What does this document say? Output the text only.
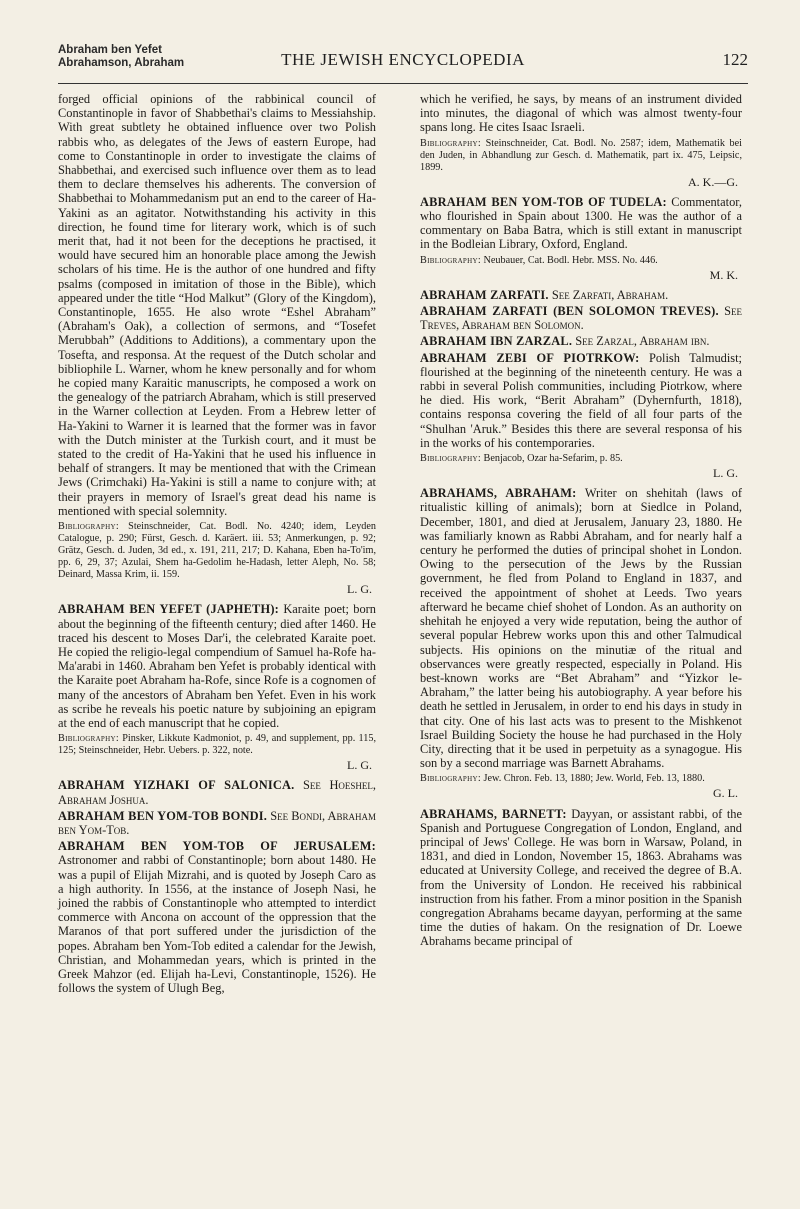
Abraham ben Yefet
Abrahamson, Abraham	THE JEWISH ENCYCLOPEDIA	122

forged official opinions of the rabbinical council of Constantinople in favor of Shabbethai's claims to Messiahship. With great subtlety he obtained influence over two Polish rabbis who, as delegates of the Jews of eastern Europe, had come to Constantinople in order to investigate the claims of Shabbethai, and exercised such influence over them as to lead them to declare themselves his adherents. The conversion of Shabbethai to Mohammedanism put an end to the career of Ha-Yakini as an agitator. Notwithstanding his activity in this direction, he found time for literary work, which is of such merit that, had it not been for the deceptions he practised, it would have secured him an honorable place among the Jewish scholars of his time. He is the author of one hundred and fifty psalms (composed in imitation of those in the Bible), which appeared under the title “Hod Malkut” (Glory of the Kingdom), Constantinople, 1655. He also wrote “Eshel Abraham” (Abraham's Oak), a collection of sermons, and “Tosefet Merubbah” (Additions to Additions), a commentary upon the Tosefta, and responsa. At the request of the Dutch scholar and bibliophile L. Warner, whom he knew personally and for whom he copied many Karaitic manuscripts, he composed a work on the genealogy of the patriarch Abraham, which is still preserved in the Warner collection at Leyden. From a Hebrew letter of Ha-Yakini to Warner it is learned that the former was in favor with the Dutch minister at the Turkish court, and it must be stated to the credit of Ha-Yakini that he used his influence in behalf of strangers. It may be mentioned that with the Crimean Jews (Crimchaki) Ha-Yakini is still a name to conjure with; at their prayers in memory of Israel's great dead his name is mentioned with special solemnity.

Bibliography: Steinschneider, Cat. Bodl. No. 4240; idem, Leyden Catalogue, p. 290; Fürst, Gesch. d. Karäert. iii. 53; Anmerkungen, p. 92; Grätz, Gesch. d. Juden, 3d ed., x. 191, 211, 217; D. Kahana, Eben ha-To'im, pp. 6, 29, 37; Azulai, Shem ha-Gedolim he-Hadash, letter Aleph, No. 58; Deinard, Massa Krim, ii. 159.
L. G.

ABRAHAM BEN YEFET (JAPHETH): Karaite poet; born about the beginning of the fifteenth century; died after 1460. He traced his descent to Moses Dar'i, the celebrated Karaite poet. He copied the religio-legal compendium of Samuel ha-Rofe ha-Ma'arabi in 1460. Abraham ben Yefet is probably identical with the Karaite poet Abraham ha-Rofe, since Rofe is a cognomen of many of the ancestors of Abraham ben Yefet. Even in his work as scribe he reveals his poetic nature by subjoining an epigram at the end of each manuscript that he copied.

Bibliography: Pinsker, Likkute Kadmoniot, p. 49, and supplement, pp. 115, 125; Steinschneider, Hebr. Uebers. p. 322, note.
L. G.

ABRAHAM YIZHAKI OF SALONICA. See Hoeshel, Abraham Joshua.

ABRAHAM BEN YOM-TOB BONDI. See Bondi, Abraham ben Yom-Tob.

ABRAHAM BEN YOM-TOB OF JERUSALEM: Astronomer and rabbi of Constantinople; born about 1480. He was a pupil of Elijah Mizrahi, and is quoted by Joseph Caro as a high authority. In 1556, at the instance of Joseph Nasi, he joined the rabbis of Constantinople who attempted to interdict commerce with Ancona on account of the oppression that the Maranos of that port suffered under the jurisdiction of the popes. Abraham ben Yom-Tob edited a calendar for the Jewish, Christian, and Mohammedan years, which is printed in the Greek Mahzor (ed. Elijah ha-Levi, Constantinople, 1526). He follows the system of Ulugh Beg,

which he verified, he says, by means of an instrument divided into minutes, the diagonal of which was almost twenty-four spans long. He cites Isaac Israeli.

Bibliography: Steinschneider, Cat. Bodl. No. 2587; idem, Mathematik bei den Juden, in Abhandlung zur Gesch. d. Mathematik, part ix. 475, Leipsic, 1899.
A. K.—G.

ABRAHAM BEN YOM-TOB OF TUDELA: Commentator, who flourished in Spain about 1300. He was the author of a commentary on Baba Batra, which is still extant in manuscript in the Bodleian Library, Oxford, England.

Bibliography: Neubauer, Cat. Bodl. Hebr. MSS. No. 446.
M. K.

ABRAHAM ZARFATI. See Zarfati, Abraham.

ABRAHAM ZARFATI (BEN SOLOMON TREVES). See Treves, Abraham ben Solomon.

ABRAHAM IBN ZARZAL. See Zarzal, Abraham ibn.

ABRAHAM ZEBI OF PIOTRKOW: Polish Talmudist; flourished at the beginning of the nineteenth century. He was a rabbi in several Polish communities, including Piotrkow, where he died. His work, “Berit Abraham” (Dyhernfurth, 1818), contains responsa covering the field of all four parts of the “Shulhan 'Aruk.” Besides this there are several responsa of his in the works of his contemporaries.

Bibliography: Benjacob, Ozar ha-Sefarim, p. 85.
L. G.

ABRAHAMS, ABRAHAM: Writer on shehitah (laws of ritualistic killing of animals); born at Siedlce in Poland, December, 1801, and died at Jerusalem, January 23, 1880. He was familiarly known as Rabbi Abraham, and for nearly half a century he performed the duties of principal shohet in London. Owing to the persecution of the Jews by the Russian government, he fled from Poland to England in 1837, and received the appointment of shohet at Leeds. Two years afterward he became chief shohet of London. As an authority on shehitah he enjoyed a very wide reputation, being the author of several popular Hebrew works upon this and other Talmudical subjects. His opinions on the minutiæ of the ritual and observances were greatly respected, especially in Poland. His best-known works are “Bet Abraham” and “Yizkor le-Abraham,” the latter being his autobiography. A year before his death he settled in Jerusalem, in order to end his days in study in that city. One of his last acts was to present to the Mishkenot Israel Building Society the house he had purchased in the Holy City, directing that it be used in perpetuity as a synagogue. His son by a second marriage was Barnett Abrahams.

Bibliography: Jew. Chron. Feb. 13, 1880; Jew. World, Feb. 13, 1880.
G. L.

ABRAHAMS, BARNETT: Dayyan, or assistant rabbi, of the Spanish and Portuguese Congregation of London, England, and principal of Jews' College. He was born in Warsaw, Poland, in 1831, and died in London, November 15, 1863. Abrahams was educated at University College, and received the degree of B.A. from the University of London. He received his rabbinical instruction from his father. From a minor position in the Spanish congregation Abrahams became dayyan, performing at the same time the duties of hakam. On the resignation of Dr. Loewe Abrahams became principal of
